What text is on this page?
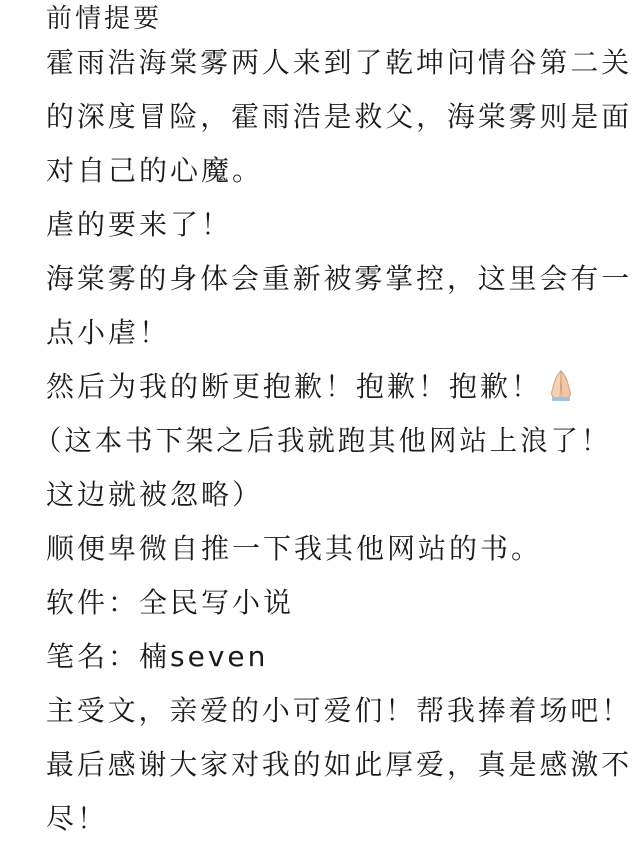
前情提要
霍雨浩海棠雾两人来到了乾坤问情谷第二关
的深度冒险，霍雨浩是救父，海棠雾则是面
对自己的心魔。
虐的要来了！
海棠雾的身体会重新被雾掌控，这里会有一
点小虐！
然后为我的断更抱歉！抱歉！抱歉！
（这本书下架之后我就跑其他网站上浪了！
这边就被忽略）
顺便卑微自推一下我其他网站的书。
软件：全民写小说
笔名：楠seven
主受文，亲爱的小可爱们！帮我捧着场吧！
最后感谢大家对我的如此厚爱，真是感激不
尽！
